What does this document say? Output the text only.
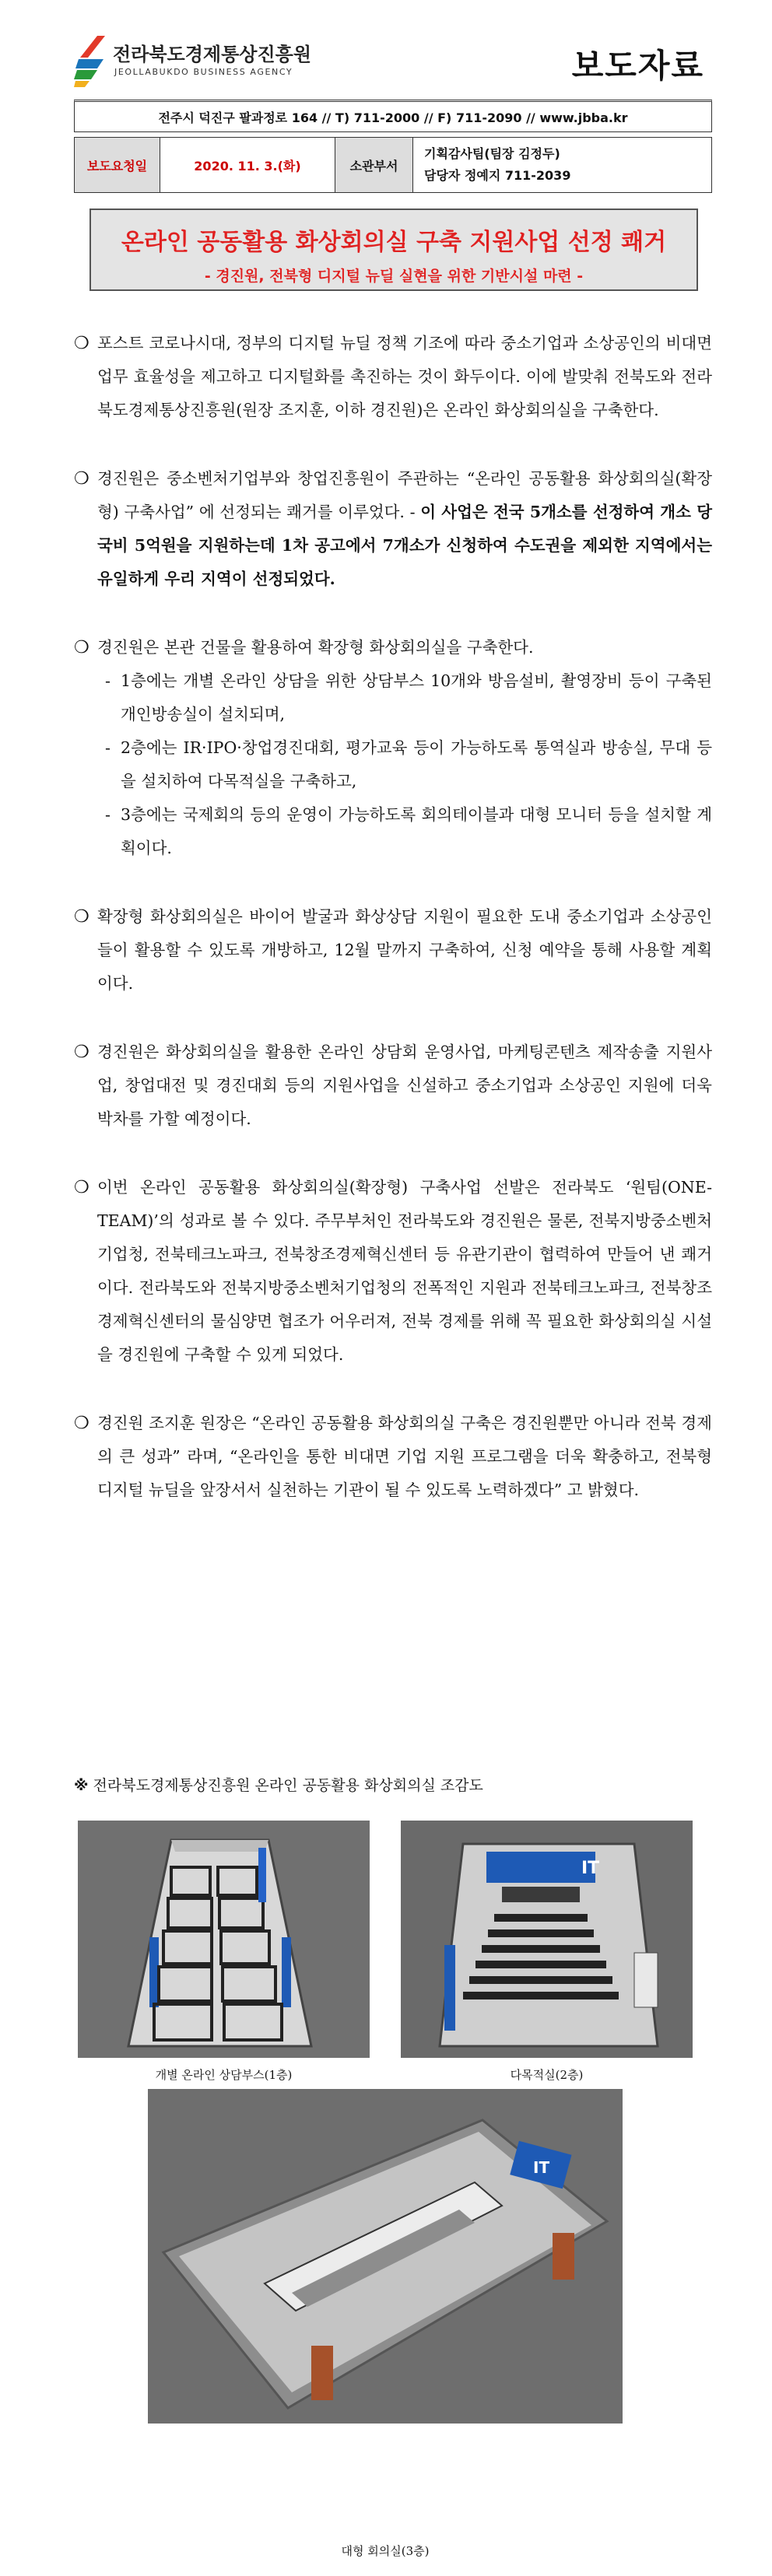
전라북도경제통상진흥원
JEOLLABUKDO BUSINESS AGENCY	보도자료
전주시 덕진구 팔과정로 164 // T) 711-2000 // F) 711-2090 // www.jbba.kr
보도요청일	2020. 11. 3.(화)	소관부서
기획감사팀(팀장 김정두)
담당자 정예지 711-2039
온라인 공동활용 화상회의실 구축 지원사업 선정 쾌거
- 경진원, 전북형 디지털 뉴딜 실현을 위한 기반시설 마련 -
❍ 포스트 코로나시대, 정부의 디지털 뉴딜 정책 기조에 따라 중소기업과 소상공인의 비대면 업무 효율성을 제고하고 디지털화를 촉진하는 것이 화두이다. 이에 발맞춰 전북도와 전라북도경제통상진흥원(원장 조지훈, 이하 경진원)은 온라인 화상회의실을 구축한다.
❍ 경진원은 중소벤처기업부와 창업진흥원이 주관하는 “온라인 공동활용 화상회의실(확장형) 구축사업” 에 선정되는 쾌거를 이루었다. - 이 사업은 전국 5개소를 선정하여 개소 당 국비 5억원을 지원하는데 1차 공고에서 7개소가 신청하여 수도권을 제외한 지역에서는 유일하게 우리 지역이 선정되었다.
❍ 경진원은 본관 건물을 활용하여 확장형 화상회의실을 구축한다.
- 1층에는 개별 온라인 상담을 위한 상담부스 10개와 방음설비, 촬영장비 등이 구축된 개인방송실이 설치되며,
- 2층에는 IR·IPO·창업경진대회, 평가교육 등이 가능하도록 통역실과 방송실, 무대 등을 설치하여 다목적실을 구축하고,
- 3층에는 국제회의 등의 운영이 가능하도록 회의테이블과 대형 모니터 등을 설치할 계획이다.
❍ 확장형 화상회의실은 바이어 발굴과 화상상담 지원이 필요한 도내 중소기업과 소상공인들이 활용할 수 있도록 개방하고, 12월 말까지 구축하여, 신청 예약을 통해 사용할 계획이다.
❍ 경진원은 화상회의실을 활용한 온라인 상담회 운영사업, 마케팅콘텐츠 제작송출 지원사업, 창업대전 및 경진대회 등의 지원사업을 신설하고 중소기업과 소상공인 지원에 더욱 박차를 가할 예정이다.
❍ 이번 온라인 공동활용 화상회의실(확장형) 구축사업 선발은 전라북도 ‘원팀(ONE-TEAM)’의 성과로 볼 수 있다. 주무부처인 전라북도와 경진원은 물론, 전북지방중소벤처기업청, 전북테크노파크, 전북창조경제혁신센터 등 유관기관이 협력하여 만들어 낸 쾌거이다. 전라북도와 전북지방중소벤처기업청의 전폭적인 지원과 전북테크노파크, 전북창조경제혁신센터의 물심양면 협조가 어우러져, 전북 경제를 위해 꼭 필요한 화상회의실 시설을 경진원에 구축할 수 있게 되었다.
❍ 경진원 조지훈 원장은 “온라인 공동활용 화상회의실 구축은 경진원뿐만 아니라 전북 경제의 큰 성과” 라며, “온라인을 통한 비대면 기업 지원 프로그램을 더욱 확충하고, 전북형 디지털 뉴딜을 앞장서서 실천하는 기관이 될 수 있도록 노력하겠다” 고 밝혔다.
※ 전라북도경제통상진흥원 온라인 공동활용 화상회의실 조감도
개별 온라인 상담부스(1층)
IT
다목적실(2층)
IT
대형 회의실(3층)
